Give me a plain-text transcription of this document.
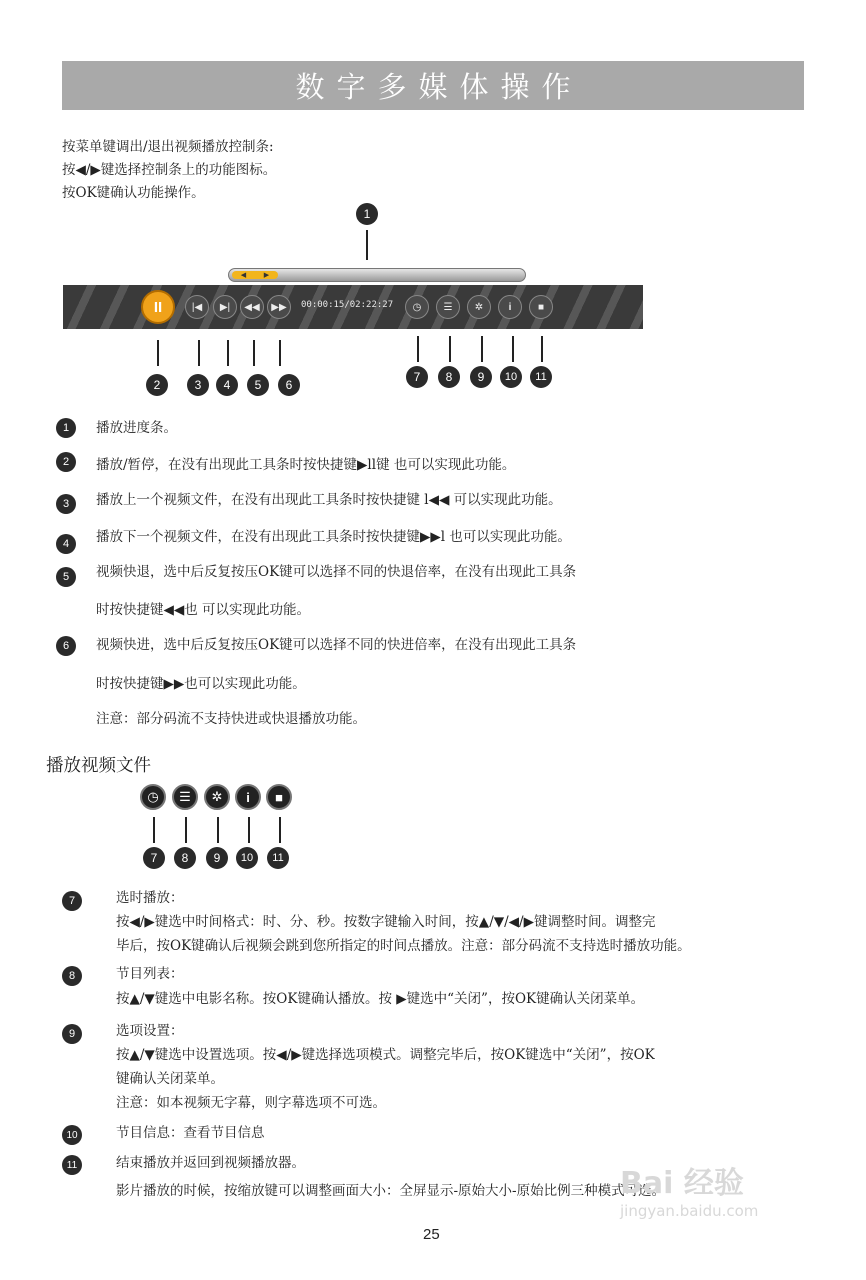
数字多媒体操作
按菜单键调出/退出视频播放控制条:
按◀/▶键选择控制条上的功能图标。
按OK键确认功能操作。
1
◀	▶
II	|◀ ▶| ◀◀ ▶▶ 00:00:15/02:22:27 ◷ ☰ ✲	i	■
2	3	4	5	6
7	8	9	10	11
1	播放进度条。
2	播放/暂停，在没有出现此工具条时按快捷键▶ll键 也可以实现此功能。
3	播放上一个视频文件，在没有出现此工具条时按快捷键 l◀◀ 可以实现此功能。
4	播放下一个视频文件，在没有出现此工具条时按快捷键▶▶l 也可以实现此功能。
5	视频快退，选中后反复按压OK键可以选择不同的快退倍率，在没有出现此工具条
时按快捷键◀◀也 可以实现此功能。
6	视频快进，选中后反复按压OK键可以选择不同的快进倍率，在没有出现此工具条
时按快捷键▶▶也可以实现此功能。
注意：部分码流不支持快进或快退播放功能。
播放视频文件
◷ ☰ ✲ i ■
7	8	9	10	11
7	选时播放：
按◀/▶键选中时间格式：时、分、秒。按数字键输入时间，按▲/▼/◀/▶键调整时间。调整完
毕后，按OK键确认后视频会跳到您所指定的时间点播放。注意：部分码流不支持选时播放功能。
8	节目列表：
按▲/▼键选中电影名称。按OK键确认播放。按 ▶键选中“关闭”，按OK键确认关闭菜单。
9	选项设置：
按▲/▼键选中设置选项。按◀/▶键选择选项模式。调整完毕后，按OK键选中“关闭”，按OK
键确认关闭菜单。
注意：如本视频无字幕，则字幕选项不可选。
10	节目信息：查看节目信息
11	结束播放并返回到视频播放器。
影片播放的时候，按缩放键可以调整画面大小：全屏显示-原始大小-原始比例三种模式可选。
Bai 经验
jingyan.baidu.com
25
